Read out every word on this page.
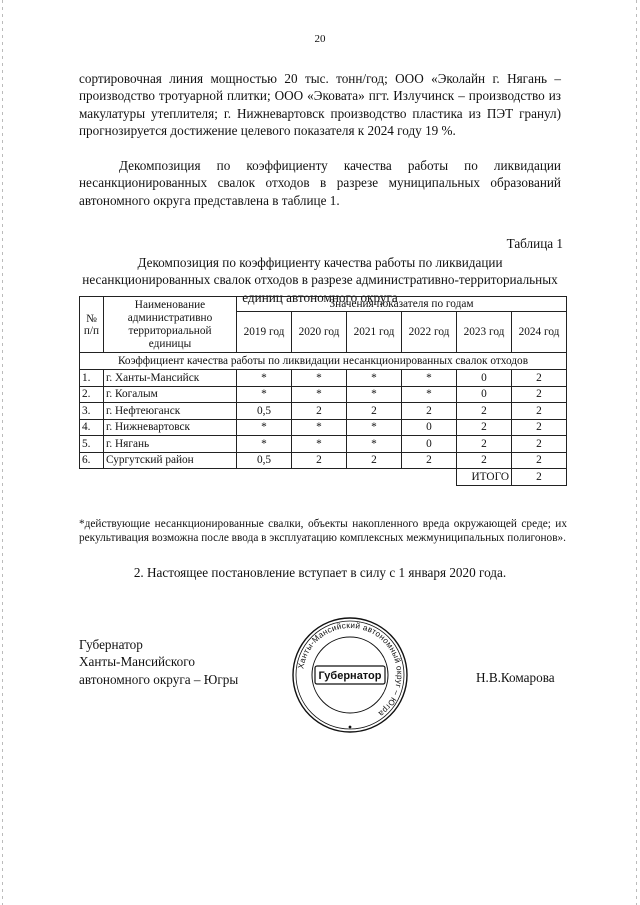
20
сортировочная линия мощностью 20 тыс. тонн/год; ООО «Эколайн г. Нягань – производство тротуарной плитки; ООО «Эковата» пгт. Излучинск – производство из макулатуры утеплителя; г. Нижневартовск производство пластика из ПЭТ гранул) прогнозируется достижение целевого показателя к 2024 году 19 %.
Декомпозиция по коэффициенту качества работы по ликвидации несанкционированных свалок отходов в разрезе муниципальных образований автономного округа представлена в таблице 1.
Таблица 1
Декомпозиция по коэффициенту качества работы по ликвидации несанкционированных свалок отходов в разрезе административно-территориальных единиц автономного округа
№ п/п	Наименование административно территориальной единицы	Значения показателя по годам					
		2019 год	2020 год	2021 год	2022 год	2023 год	2024 год
Коэффициент качества работы по ликвидации несанкционированных свалок отходов							
1.	г. Ханты-Мансийск	*	*	*	*	0	2
2.	г. Когалым	*	*	*	*	0	2
3.	г. Нефтеюганск	0,5	2	2	2	2	2
4.	г. Нижневартовск	*	*	*	0	2	2
5.	г. Нягань	*	*	*	0	2	2
6.	Сургутский район	0,5	2	2	2	2	2
						ИТОГО	2
*действующие несанкционированные свалки, объекты накопленного вреда окружающей среде; их рекультивация возможна после ввода в эксплуатацию комплексных межмуниципальных полигонов».
2. Настоящее постановление вступает в силу с 1 января 2020 года.
Губернатор
Ханты-Мансийского
автономного округа – Югры
Ханты-Мансийский автономный округ – Югра
Губернатор	Н.В.Комарова
